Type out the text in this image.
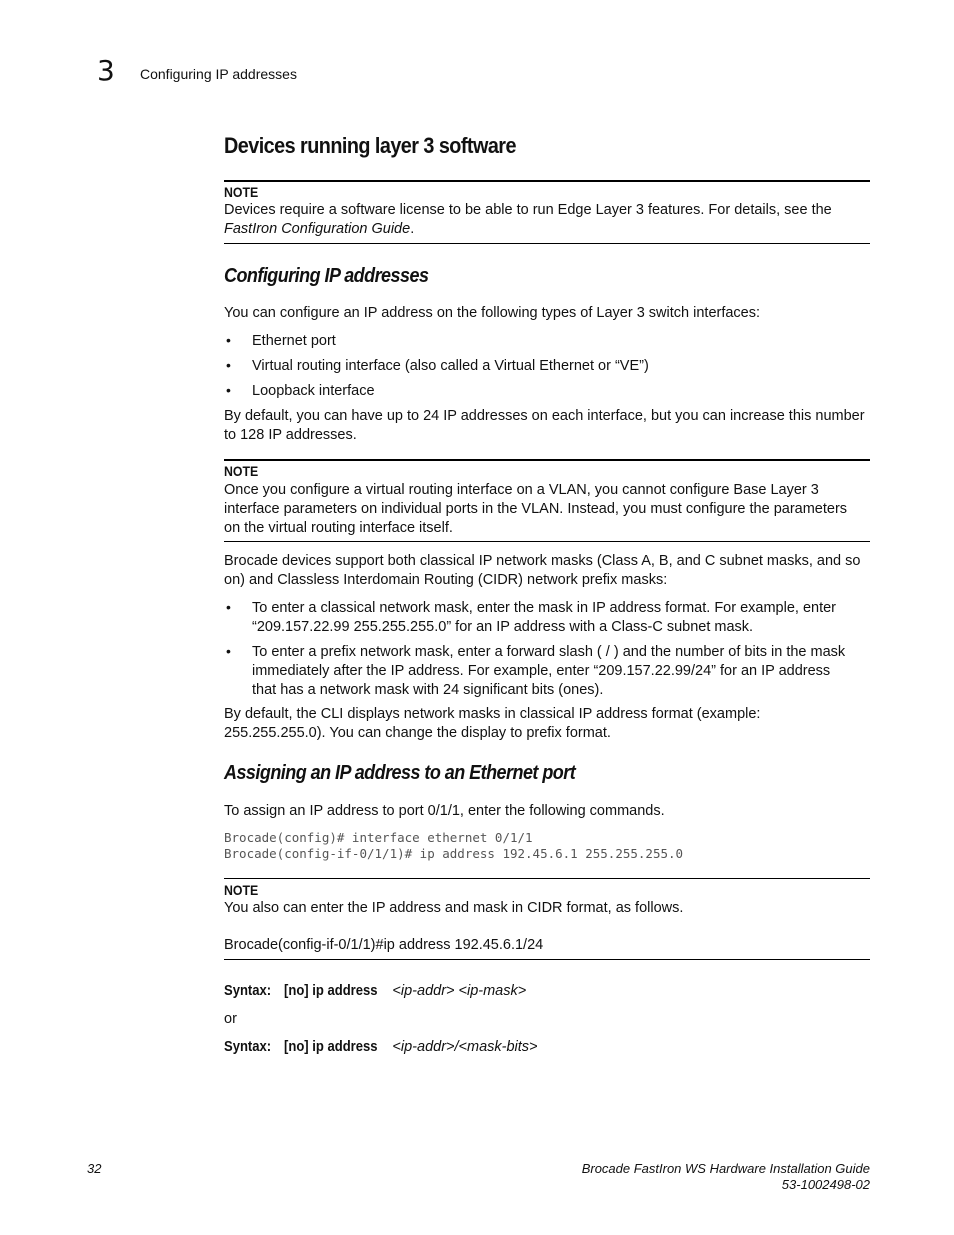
3 Configuring IP addresses
Devices running layer 3 software
NOTE
Devices require a software license to be able to run Edge Layer 3 features. For details, see the
FastIron Configuration Guide.
Configuring IP addresses
You can configure an IP address on the following types of Layer 3 switch interfaces:
• Ethernet port
• Virtual routing interface (also called a Virtual Ethernet or “VE”)
• Loopback interface
By default, you can have up to 24 IP addresses on each interface, but you can increase this number
to 128 IP addresses.
NOTE
Once you configure a virtual routing interface on a VLAN, you cannot configure Base Layer 3
interface parameters on individual ports in the VLAN. Instead, you must configure the parameters
on the virtual routing interface itself.
Brocade devices support both classical IP network masks (Class A, B, and C subnet masks, and so
on) and Classless Interdomain Routing (CIDR) network prefix masks:
• To enter a classical network mask, enter the mask in IP address format. For example, enter
“209.157.22.99 255.255.255.0” for an IP address with a Class-C subnet mask.
• To enter a prefix network mask, enter a forward slash ( / ) and the number of bits in the mask
immediately after the IP address. For example, enter “209.157.22.99/24” for an IP address
that has a network mask with 24 significant bits (ones).
By default, the CLI displays network masks in classical IP address format (example:
255.255.255.0). You can change the display to prefix format.
Assigning an IP address to an Ethernet port
To assign an IP address to port 0/1/1, enter the following commands.
Brocade(config)# interface ethernet 0/1/1
Brocade(config-if-0/1/1)# ip address 192.45.6.1 255.255.255.0
NOTE
You also can enter the IP address and mask in CIDR format, as follows.
Brocade(config-if-0/1/1)#ip address 192.45.6.1/24
Syntax: [no] ip address <ip-addr> <ip-mask>
or
Syntax: [no] ip address <ip-addr>/<mask-bits>
32	Brocade FastIron WS Hardware Installation Guide
53-1002498-02
